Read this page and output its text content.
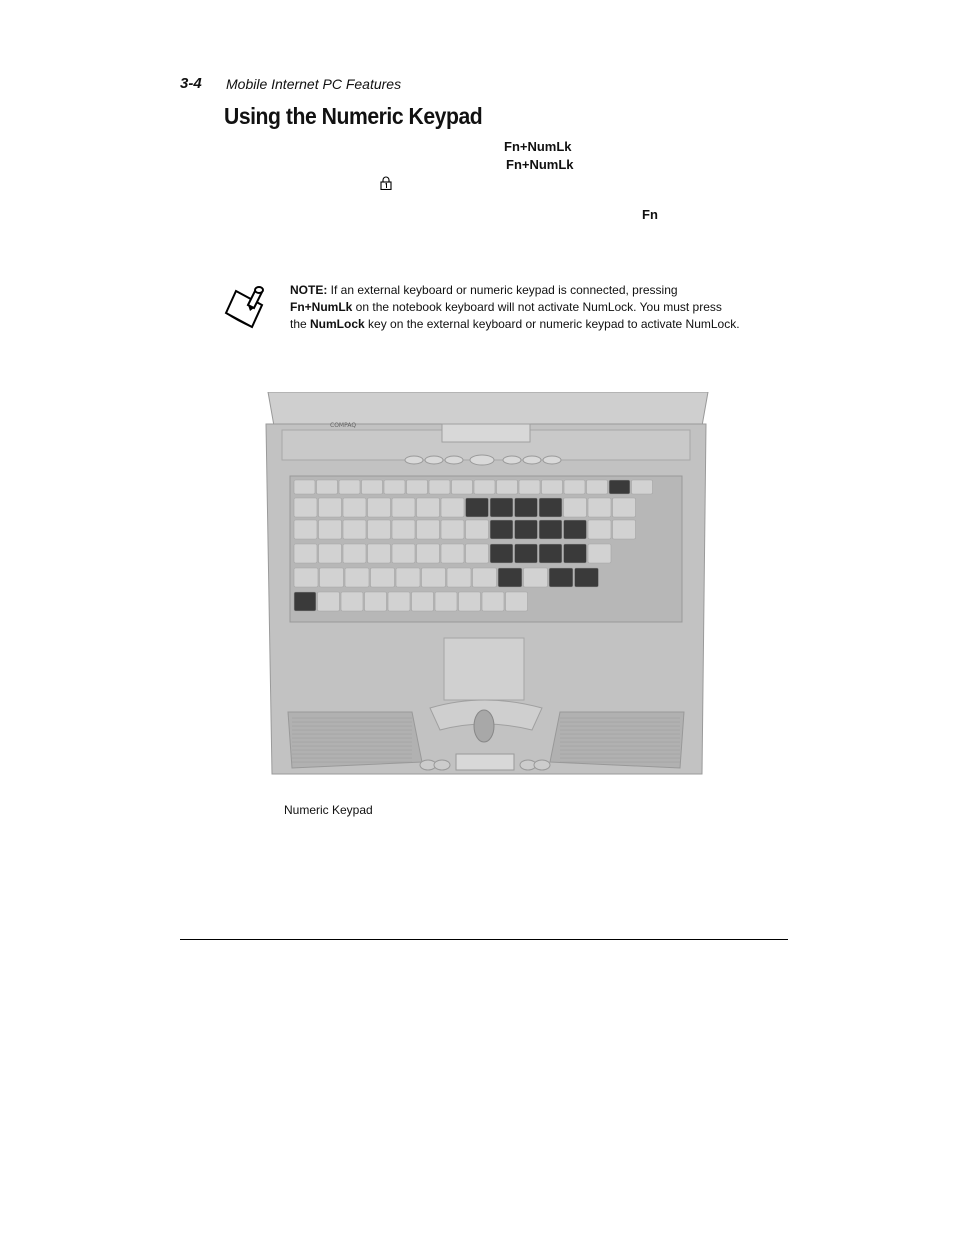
3-4 Mobile Internet PC Features
Using the Numeric Keypad
Fn+NumLk
Fn+NumLk
Fn
NOTE: If an external keyboard or numeric keypad is connected, pressing Fn+NumLk on the notebook keyboard will not activate NumLock. You must press the NumLock key on the external keyboard or numeric keypad to activate NumLock.
COMPAQ
Numeric Keypad
